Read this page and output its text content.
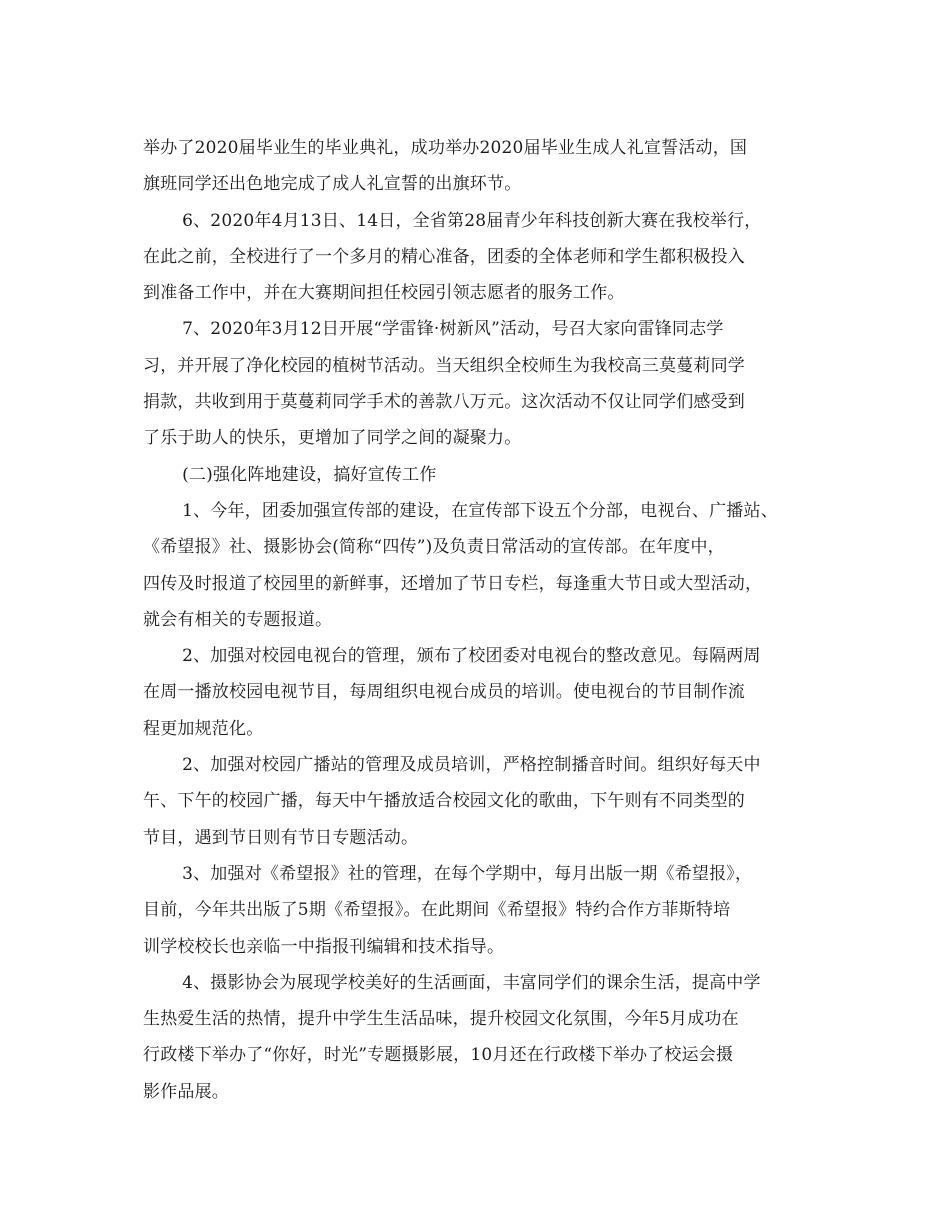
举办了2020届毕业生的毕业典礼，成功举办2020届毕业生成人礼宣誓活动，国
旗班同学还出色地完成了成人礼宣誓的出旗环节。

6、2020年4月13日、14日，全省第28届青少年科技创新大赛在我校举行，
在此之前，全校进行了一个多月的精心准备，团委的全体老师和学生都积极投入
到准备工作中，并在大赛期间担任校园引领志愿者的服务工作。

7、2020年3月12日开展“学雷锋·树新风”活动，号召大家向雷锋同志学
习，并开展了净化校园的植树节活动。当天组织全校师生为我校高三莫蔓莉同学
捐款，共收到用于莫蔓莉同学手术的善款八万元。这次活动不仅让同学们感受到
了乐于助人的快乐，更增加了同学之间的凝聚力。

(二)强化阵地建设，搞好宣传工作

1、今年，团委加强宣传部的建设，在宣传部下设五个分部，电视台、广播站、
《希望报》社、摄影协会(简称“四传”)及负责日常活动的宣传部。在年度中，
四传及时报道了校园里的新鲜事，还增加了节日专栏，每逢重大节日或大型活动，
就会有相关的专题报道。

2、加强对校园电视台的管理，颁布了校团委对电视台的整改意见。每隔两周
在周一播放校园电视节目，每周组织电视台成员的培训。使电视台的节目制作流
程更加规范化。

2、加强对校园广播站的管理及成员培训，严格控制播音时间。组织好每天中
午、下午的校园广播，每天中午播放适合校园文化的歌曲，下午则有不同类型的
节目，遇到节日则有节日专题活动。

3、加强对《希望报》社的管理，在每个学期中，每月出版一期《希望报》，
目前，今年共出版了5期《希望报》。在此期间《希望报》特约合作方菲斯特培
训学校校长也亲临一中指报刊编辑和技术指导。

4、摄影协会为展现学校美好的生活画面，丰富同学们的课余生活，提高中学
生热爱生活的热情，提升中学生生活品味，提升校园文化氛围，今年5月成功在
行政楼下举办了“你好，时光”专题摄影展，10月还在行政楼下举办了校运会摄
影作品展。
